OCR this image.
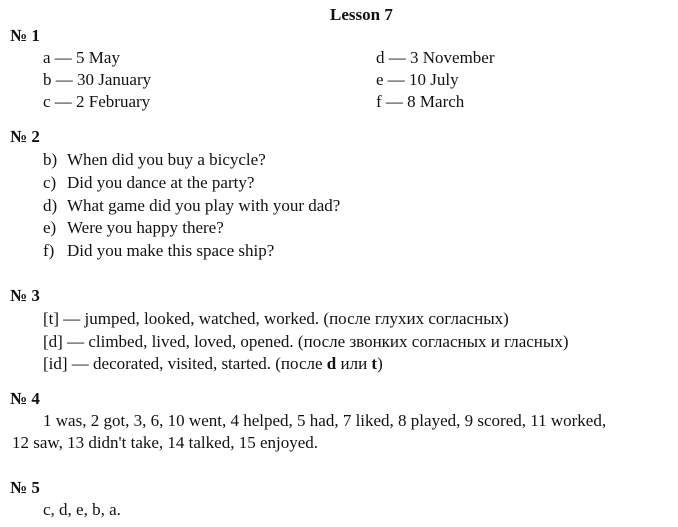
Lesson 7
№ 1
a — 5 May
b — 30 January
c — 2 February
d — 3 November
e — 10 July
f — 8 March
№ 2
b) When did you buy a bicycle?
c) Did you dance at the party?
d) What game did you play with your dad?
e) Were you happy there?
f) Did you make this space ship?
№ 3
[t] — jumped, looked, watched, worked. (после глухих согласных)
[d] — climbed, lived, loved, opened. (после звонких согласных и гласных)
[id] — decorated, visited, started. (после d или t)
№ 4
1 was, 2 got, 3, 6, 10 went, 4 helped, 5 had, 7 liked, 8 played, 9 scored, 11 worked,
12 saw, 13 didn't take, 14 talked, 15 enjoyed.
№ 5
c, d, e, b, a.
